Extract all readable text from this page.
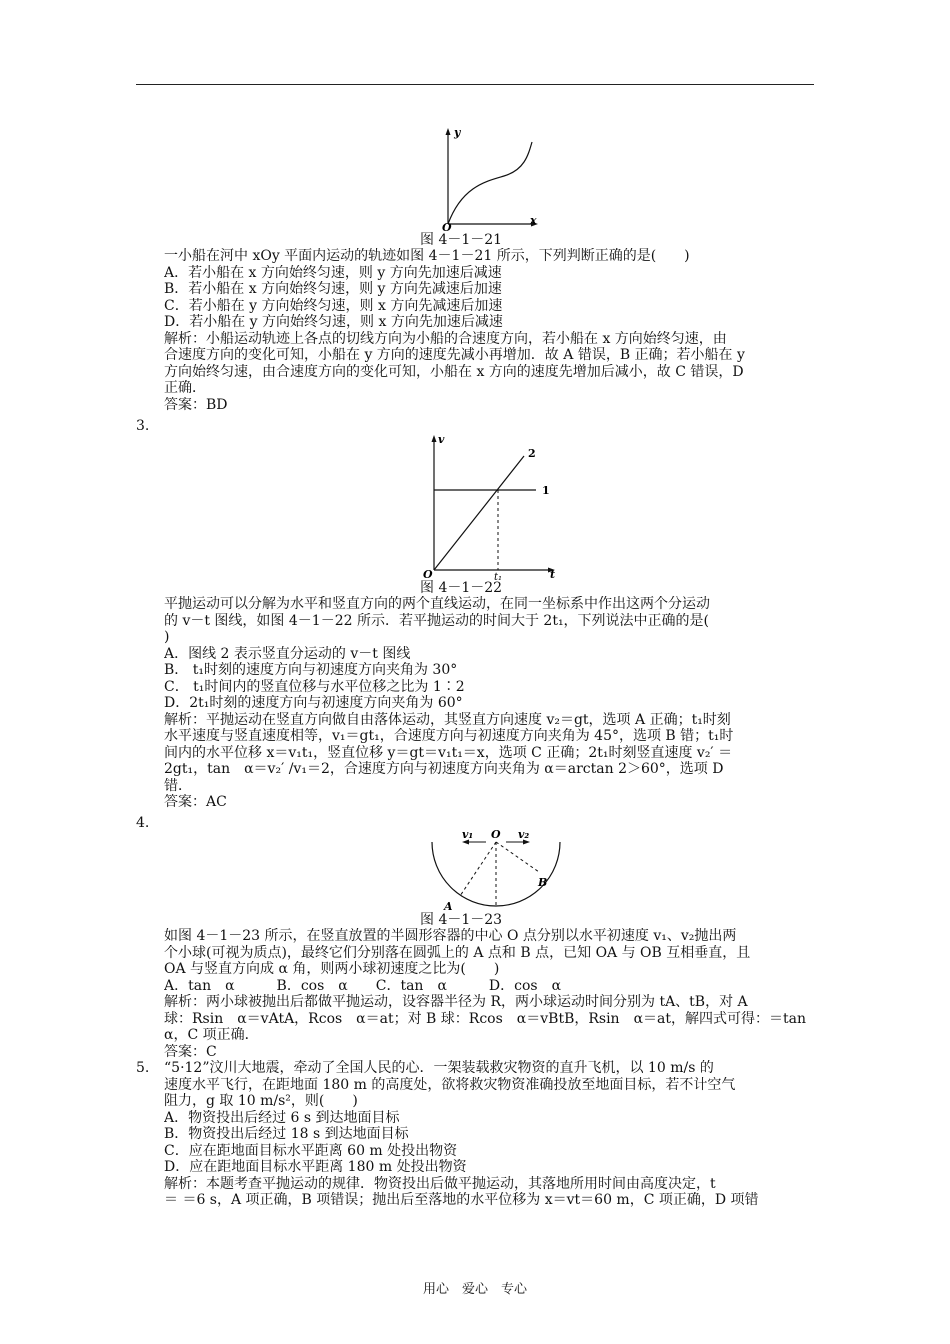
y
x
O
图 4－1－21
一小船在河中 xOy 平面内运动的轨迹如图 4－1－21 所示，下列判断正确的是(　　)
A．若小船在 x 方向始终匀速，则 y 方向先加速后减速
B．若小船在 x 方向始终匀速，则 y 方向先减速后加速
C．若小船在 y 方向始终匀速，则 x 方向先减速后加速
D．若小船在 y 方向始终匀速，则 x 方向先加速后减速
解析：小船运动轨迹上各点的切线方向为小船的合速度方向，若小船在 x 方向始终匀速，由
合速度方向的变化可知，小船在 y 方向的速度先减小再增加．故 A 错误，B 正确；若小船在 y
方向始终匀速，由合速度方向的变化可知，小船在 x 方向的速度先增加后减小，故 C 错误，D
正确．
答案：BD
3.
v
t
O
1
2
t₁
图 4－1－22
平抛运动可以分解为水平和竖直方向的两个直线运动，在同一坐标系中作出这两个分运动
的 v－t 图线，如图 4－1－22 所示．若平抛运动的时间大于 2t₁，下列说法中正确的是(
)
A．图线 2 表示竖直分运动的 v－t 图线
B． t₁时刻的速度方向与初速度方向夹角为 30°
C． t₁时间内的竖直位移与水平位移之比为 1∶2
D．2t₁时刻的速度方向与初速度方向夹角为 60°
解析：平抛运动在竖直方向做自由落体运动，其竖直方向速度 v₂＝gt，选项 A 正确；t₁时刻
水平速度与竖直速度相等，v₁＝gt₁，合速度方向与初速度方向夹角为 45°，选项 B 错；t₁时
间内的水平位移 x＝v₁t₁，竖直位移 y＝gt＝v₁t₁＝x，选项 C 正确；2t₁时刻竖直速度 v₂′ ＝
2gt₁，tan　α＝v₂′ /v₁＝2，合速度方向与初速度方向夹角为 α＝arctan 2＞60°，选项 D
错．
答案：AC
4.
v₁ O v₂
A
B
图 4－1－23
如图 4－1－23 所示，在竖直放置的半圆形容器的中心 O 点分别以水平初速度 v₁、v₂抛出两
个小球(可视为质点)，最终它们分别落在圆弧上的 A 点和 B 点，已知 OA 与 OB 互相垂直，且
OA 与竖直方向成 α 角，则两小球初速度之比为(　　)
A．tan　α　　　B．cos　α　　C．tan　α　　　D．cos　α
解析：两小球被抛出后都做平抛运动，设容器半径为 R，两小球运动时间分别为 tA、tB，对 A
球：Rsin　α＝vAtA，Rcos　α＝at；对 B 球：Rcos　α＝vBtB，Rsin　α＝at，解四式可得：＝tan
α，C 项正确．
答案：C
5. “5·12”汶川大地震，牵动了全国人民的心．一架装载救灾物资的直升飞机，以 10 m/s 的
速度水平飞行，在距地面 180 m 的高度处，欲将救灾物资准确投放至地面目标，若不计空气
阻力，g 取 10 m/s²，则(　　)
A．物资投出后经过 6 s 到达地面目标
B．物资投出后经过 18 s 到达地面目标
C．应在距地面目标水平距离 60 m 处投出物资
D．应在距地面目标水平距离 180 m 处投出物资
解析：本题考查平抛运动的规律．物资投出后做平抛运动，其落地所用时间由高度决定，t
＝ ＝6 s，A 项正确，B 项错误；抛出后至落地的水平位移为 x＝vt＝60 m，C 项正确，D 项错
用心　爱心　专心
